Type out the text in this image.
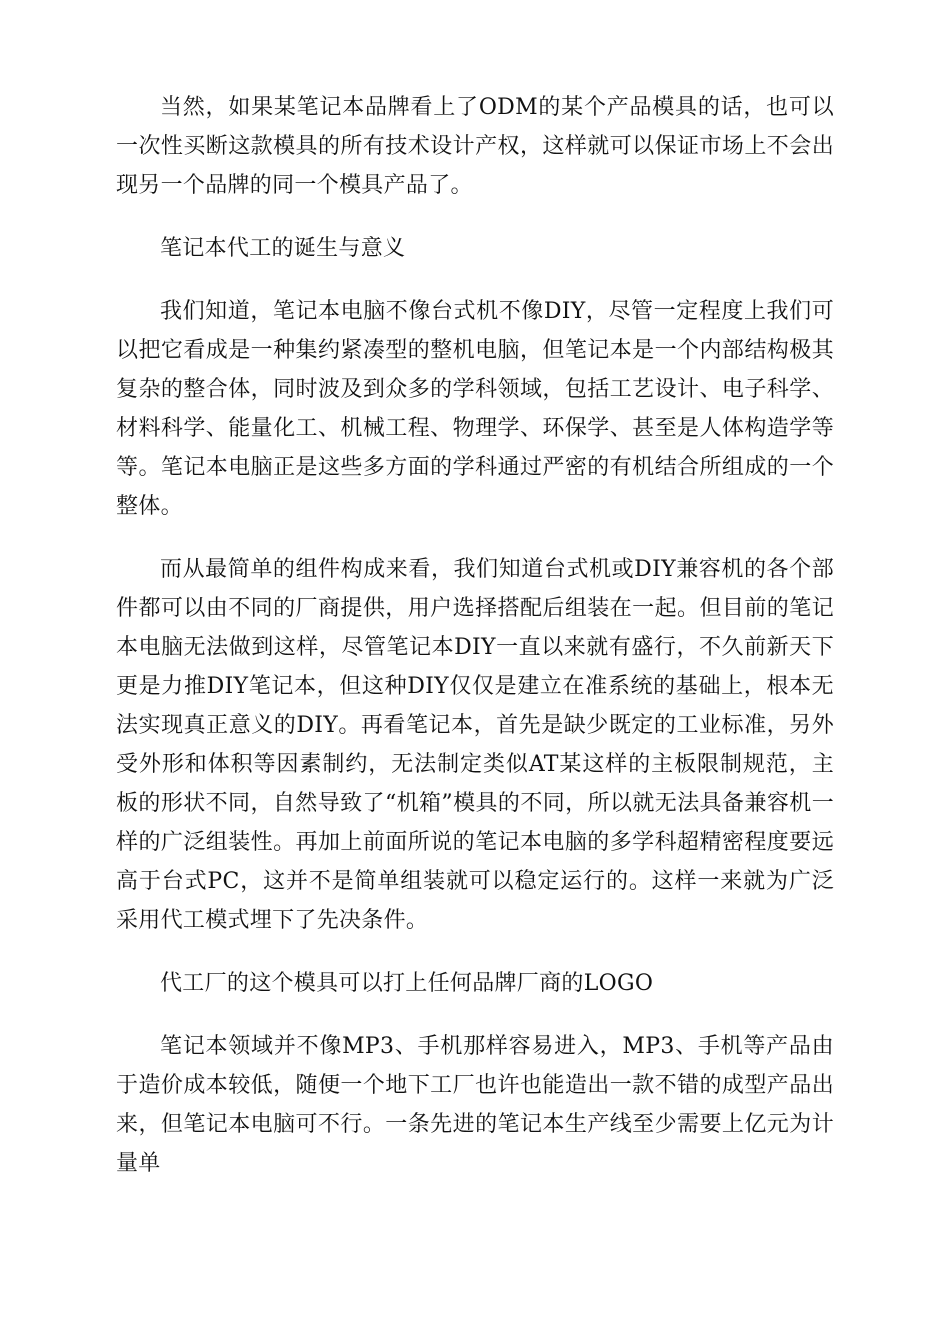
当然，如果某笔记本品牌看上了ODM的某个产品模具的话，也可以一次性买断这款模具的所有技术设计产权，这样就可以保证市场上不会出现另一个品牌的同一个模具产品了。

笔记本代工的诞生与意义

我们知道，笔记本电脑不像台式机不像DIY，尽管一定程度上我们可以把它看成是一种集约紧凑型的整机电脑，但笔记本是一个内部结构极其复杂的整合体，同时波及到众多的学科领域，包括工艺设计、电子科学、材料科学、能量化工、机械工程、物理学、环保学、甚至是人体构造学等等。笔记本电脑正是这些多方面的学科通过严密的有机结合所组成的一个整体。

而从最简单的组件构成来看，我们知道台式机或DIY兼容机的各个部件都可以由不同的厂商提供，用户选择搭配后组装在一起。但目前的笔记本电脑无法做到这样，尽管笔记本DIY一直以来就有盛行，不久前新天下更是力推DIY笔记本，但这种DIY仅仅是建立在准系统的基础上，根本无法实现真正意义的DIY。再看笔记本，首先是缺少既定的工业标准，另外受外形和体积等因素制约，无法制定类似AT某这样的主板限制规范，主板的形状不同，自然导致了“机箱”模具的不同，所以就无法具备兼容机一样的广泛组装性。再加上前面所说的笔记本电脑的多学科超精密程度要远高于台式PC，这并不是简单组装就可以稳定运行的。这样一来就为广泛采用代工模式埋下了先决条件。

代工厂的这个模具可以打上任何品牌厂商的LOGO

笔记本领域并不像MP3、手机那样容易进入，MP3、手机等产品由于造价成本较低，随便一个地下工厂也许也能造出一款不错的成型产品出来，但笔记本电脑可不行。一条先进的笔记本生产线至少需要上亿元为计量单
